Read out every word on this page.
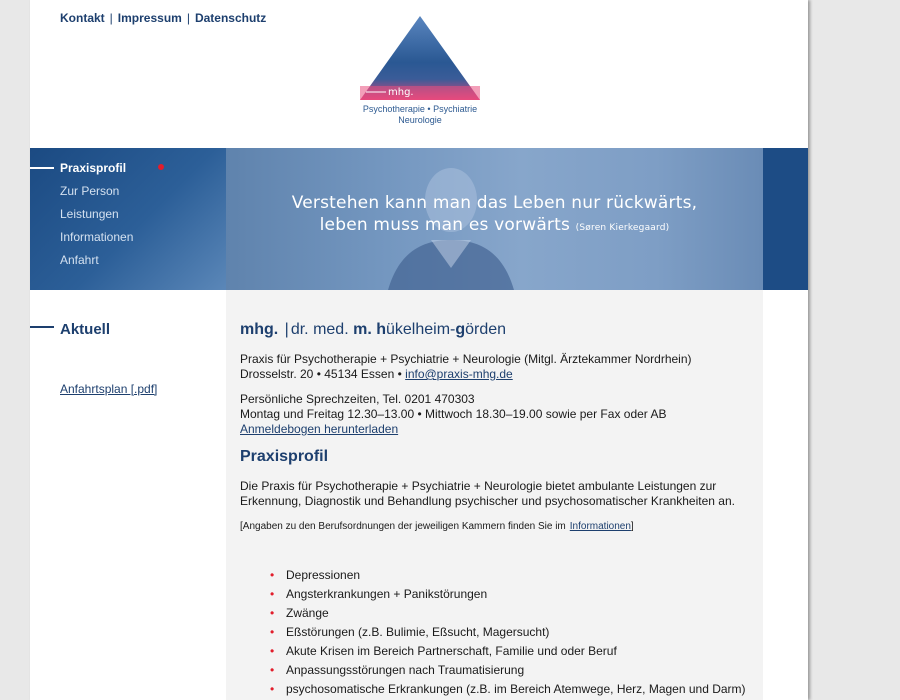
Kontakt | Impressum | Datenschutz
mhg.
Psychotherapie • Psychiatrie
Neurologie
Praxisprofil
Zur Person
Leistungen
Informationen
Anfahrt
Verstehen kann man das Leben nur rückwärts,
leben muss man es vorwärts (Søren Kierkegaard)
Aktuell
Anfahrtsplan [.pdf]
mhg. | dr. med. m. hükelheim-görden

Praxis für Psychotherapie + Psychiatrie + Neurologie (Mitgl. Ärztekammer Nordrhein)

Drosselstr. 20 • 45134 Essen • info@praxis-mhg.de

Persönliche Sprechzeiten, Tel. 0201 470303

Montag und Freitag 12.30–13.00 • Mittwoch 18.30–19.00 sowie per Fax oder AB

Anmeldebogen herunterladen

Praxisprofil

Die Praxis für Psychotherapie + Psychiatrie + Neurologie bietet ambulante Leistungen zur Erkennung, Diagnostik und Behandlung psychischer und psychosomatischer Krankheiten an.

[Angaben zu den Berufsordnungen der jeweiligen Kammern finden Sie im Informationen]

• Depressionen
• Angsterkrankungen + Panikstörungen
• Zwänge
• Eßstörungen (z.B. Bulimie, Eßsucht, Magersucht)
• Akute Krisen im Bereich Partnerschaft, Familie und oder Beruf
• Anpassungsstörungen nach Traumatisierung
• psychosomatische Erkrankungen (z.B. im Bereich Atemwege, Herz, Magen und Darm)
